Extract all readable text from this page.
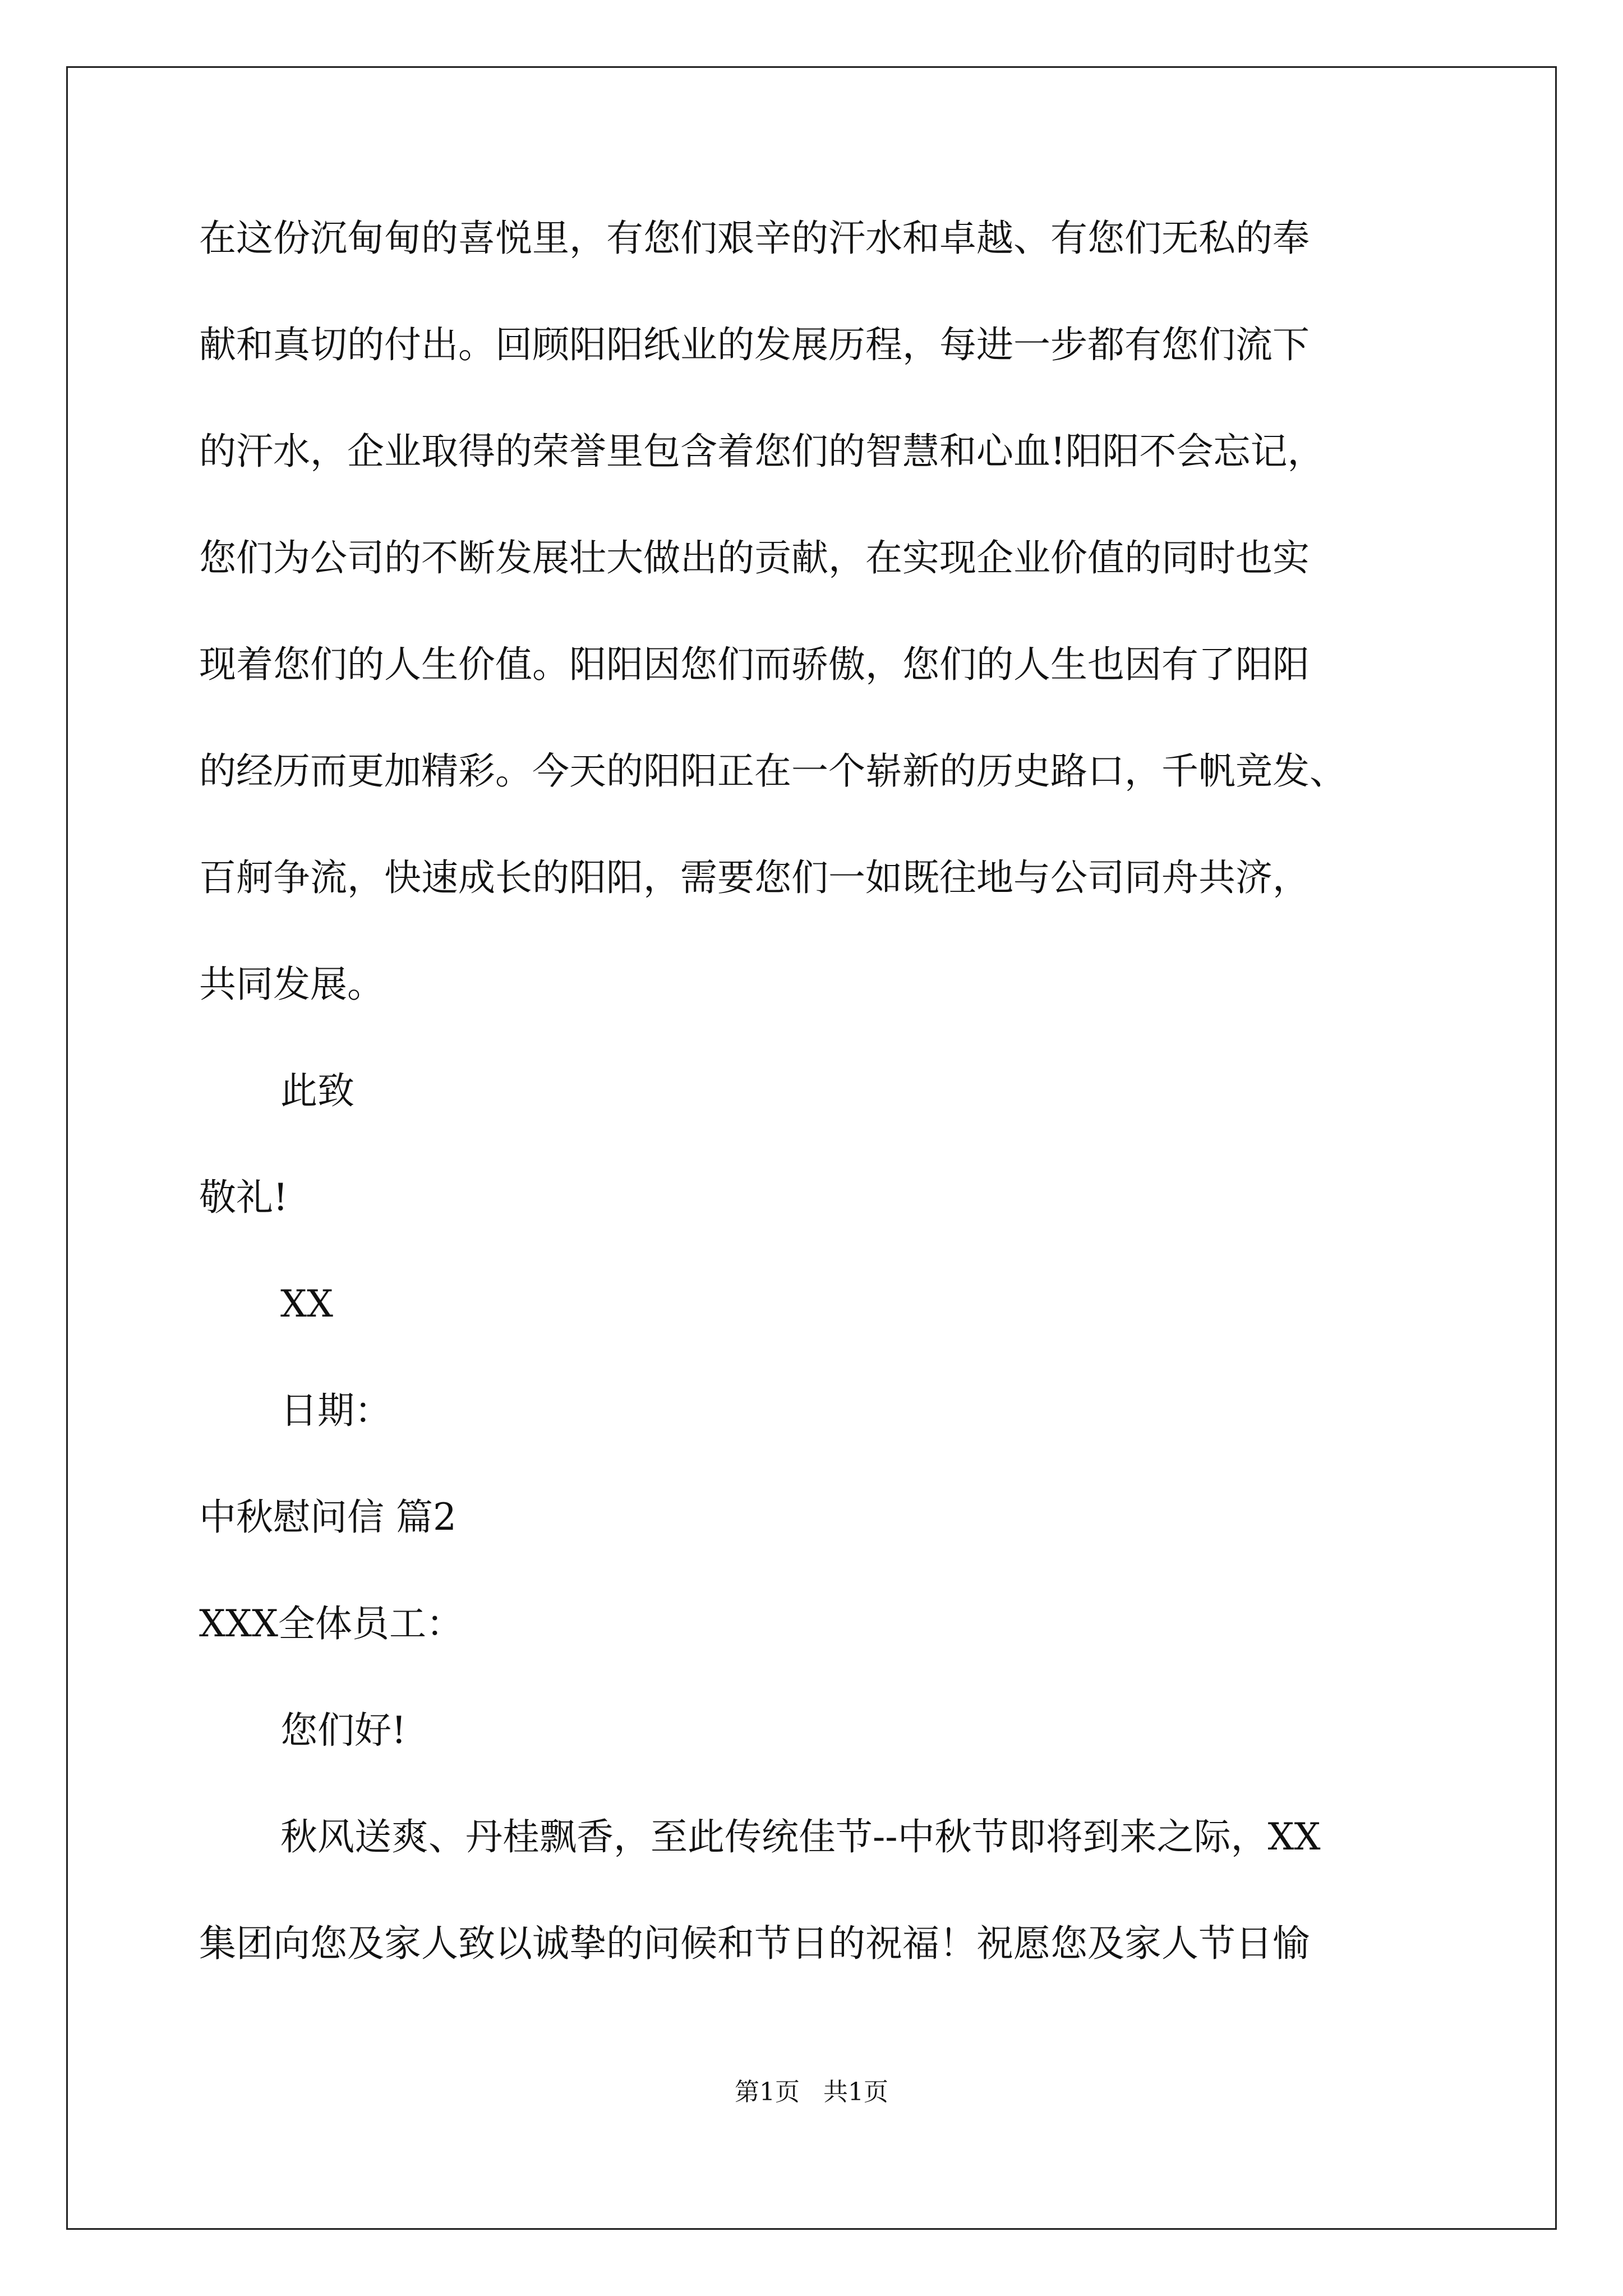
在这份沉甸甸的喜悦里，有您们艰辛的汗水和卓越、有您们无私的奉
献和真切的付出。回顾阳阳纸业的发展历程，每进一步都有您们流下
的汗水，企业取得的荣誉里包含着您们的智慧和心血!阳阳不会忘记，
您们为公司的不断发展壮大做出的贡献，在实现企业价值的同时也实
现着您们的人生价值。阳阳因您们而骄傲，您们的人生也因有了阳阳
的经历而更加精彩。今天的阳阳正在一个崭新的历史路口，千帆竞发、
百舸争流，快速成长的阳阳，需要您们一如既往地与公司同舟共济，
共同发展。
此致
敬礼!
XX
日期：
中秋慰问信 篇2
XXX全体员工：
您们好!
秋风送爽、丹桂飘香，至此传统佳节--中秋节即将到来之际，XX
集团向您及家人致以诚挚的问候和节日的祝福！祝愿您及家人节日愉
第1页 共1页
